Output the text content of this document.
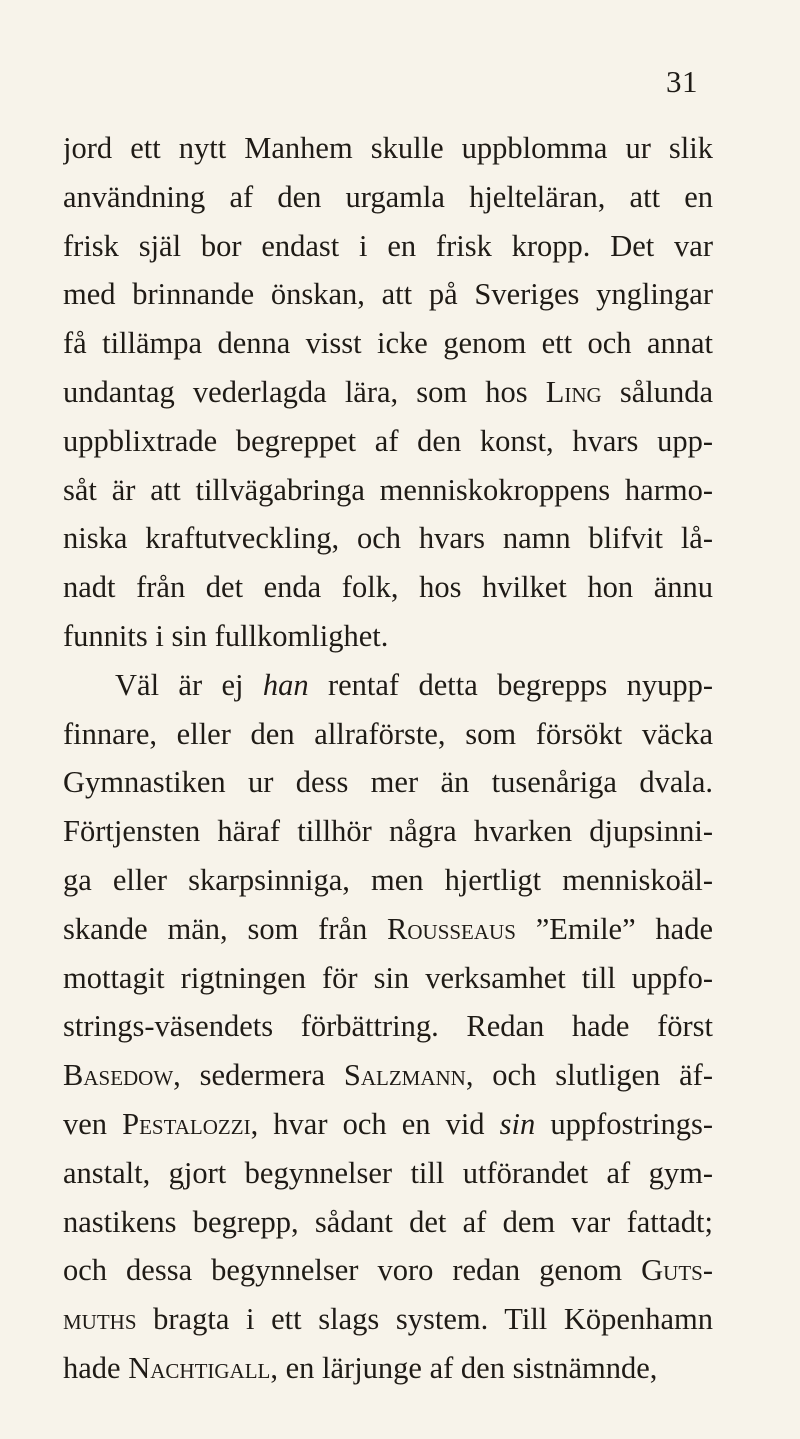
31
jord ett nytt Manhem skulle uppblomma ur slik
användning af den urgamla hjelteläran, att en
frisk själ bor endast i en frisk kropp. Det var
med brinnande önskan, att på Sveriges ynglingar
få tillämpa denna visst icke genom ett och annat
undantag vederlagda lära, som hos Ling sålunda
uppblixtrade begreppet af den konst, hvars upp-
såt är att tillvägabringa menniskokroppens harmo-
niska kraftutveckling, och hvars namn blifvit lå-
nadt från det enda folk, hos hvilket hon ännu
funnits i sin fullkomlighet.
Väl är ej han rentaf detta begrepps nyupp-
finnare, eller den allraförste, som försökt väcka
Gymnastiken ur dess mer än tusenåriga dvala.
Förtjensten häraf tillhör några hvarken djupsinni-
ga eller skarpsinniga, men hjertligt menniskoäl-
skande män, som från Rousseaus ”Emile” hade
mottagit rigtningen för sin verksamhet till uppfo-
strings-väsendets förbättring. Redan hade först
Basedow, sedermera Salzmann, och slutligen äf-
ven Pestalozzi, hvar och en vid sin uppfostrings-
anstalt, gjort begynnelser till utförandet af gym-
nastikens begrepp, sådant det af dem var fattadt;
och dessa begynnelser voro redan genom Guts-
muths bragta i ett slags system. Till Köpenhamn
hade Nachtigall, en lärjunge af den sistnämnde,
